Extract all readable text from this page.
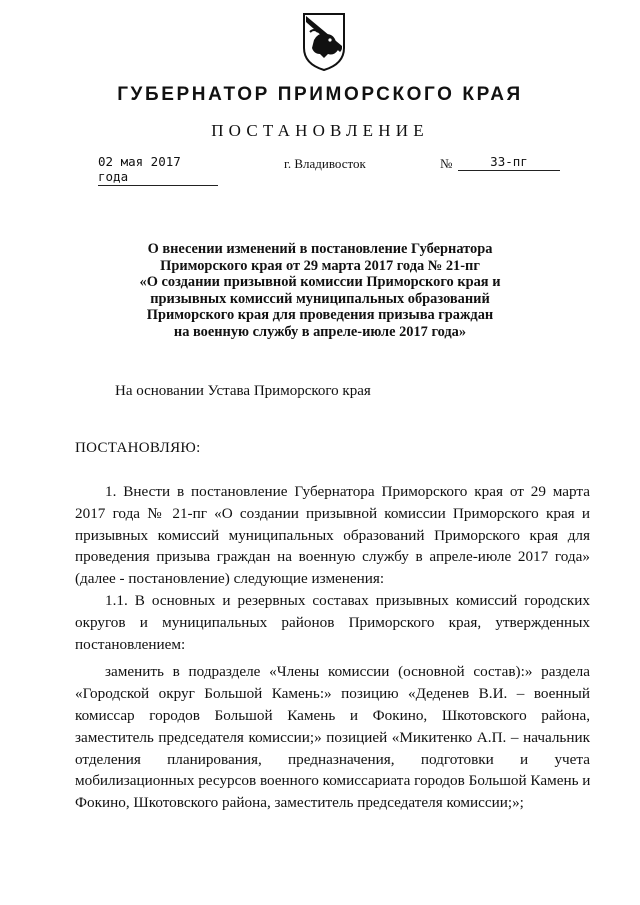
ГУБЕРНАТОР ПРИМОРСКОГО КРАЯ
ПОСТАНОВЛЕНИЕ
02 мая 2017 года
г. Владивосток	№	33-пг
О внесении изменений в постановление Губернатора
Приморского края от 29 марта 2017 года № 21-пг
«О создании призывной комиссии Приморского края и
призывных комиссий муниципальных образований
Приморского края для проведения призыва граждан
на военную службу в апреле-июле 2017 года»
На основании Устава Приморского края
ПОСТАНОВЛЯЮ:
1. Внести в постановление Губернатора Приморского края от 29 марта
2017 года № 21-пг «О создании призывной комиссии Приморского края и
призывных комиссий муниципальных образований Приморского края для
проведения призыва граждан на военную службу в апреле-июле 2017 года»
(далее - постановление) следующие изменения:
1.1. В основных и резервных составах призывных комиссий городских
округов и муниципальных районов Приморского края, утвержденных
постановлением:
заменить в подразделе «Члены комиссии (основной состав):» раздела
«Городской округ Большой Камень:» позицию «Деденев В.И. – военный
комиссар городов Большой Камень и Фокино, Шкотовского района,
заместитель председателя комиссии;» позицией «Микитенко А.П. – начальник
отделения планирования, предназначения, подготовки и учета
мобилизационных ресурсов военного комиссариата городов Большой Камень и
Фокино, Шкотовского района, заместитель председателя комиссии;»;
